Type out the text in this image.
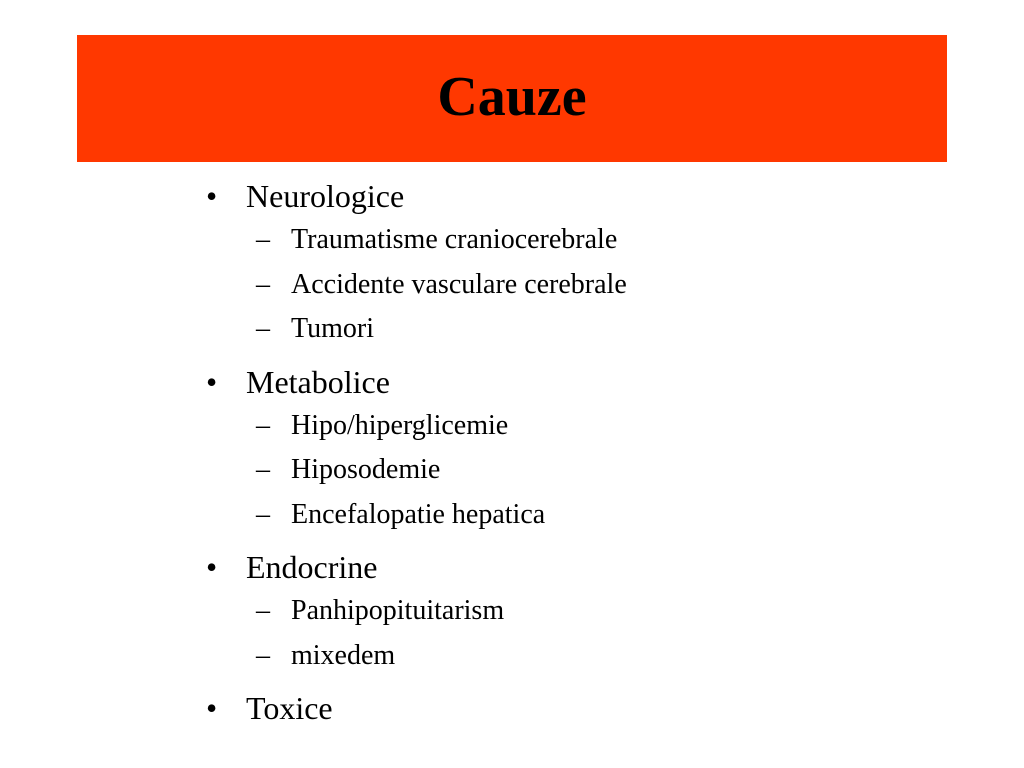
Cauze
• Neurologice
– Traumatisme craniocerebrale
– Accidente vasculare cerebrale
– Tumori
• Metabolice
– Hipo/hiperglicemie
– Hiposodemie
– Encefalopatie hepatica
• Endocrine
– Panhipopituitarism
– mixedem
• Toxice
